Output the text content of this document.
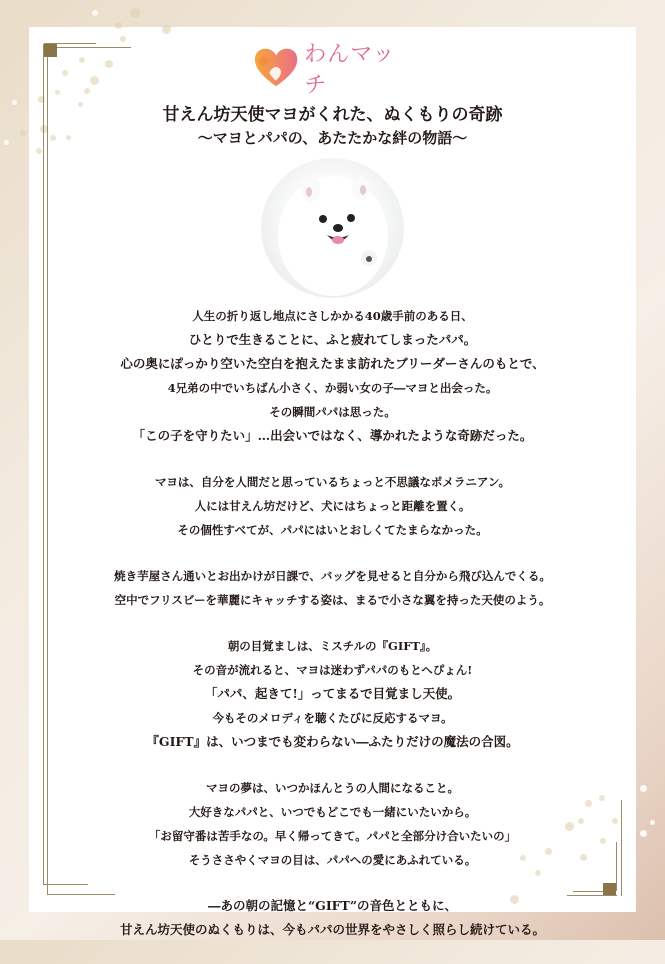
わんマッチ
甘えん坊天使マヨがくれた、ぬくもりの奇跡
〜マヨとパパの、あたたかな絆の物語〜
人生の折り返し地点にさしかかる40歳手前のある日、
ひとりで生きることに、ふと疲れてしまったパパ。
心の奥にぽっかり空いた空白を抱えたまま訪れたブリーダーさんのもとで、
4兄弟の中でいちばん小さく、か弱い女の子―マヨと出会った。
その瞬間パパは思った。
「この子を守りたい」…出会いではなく、導かれたような奇跡だった。
マヨは、自分を人間だと思っているちょっと不思議なポメラニアン。
人には甘えん坊だけど、犬にはちょっと距離を置く。
その個性すべてが、パパにはいとおしくてたまらなかった。
焼き芋屋さん通いとお出かけが日課で、バッグを見せると自分から飛び込んでくる。
空中でフリスビーを華麗にキャッチする姿は、まるで小さな翼を持った天使のよう。
朝の目覚ましは、ミスチルの『GIFT』。
その音が流れると、マヨは迷わずパパのもとへぴょん!
「パパ、起きて!」ってまるで目覚まし天使。
今もそのメロディを聴くたびに反応するマヨ。
『GIFT』は、いつまでも変わらない―ふたりだけの魔法の合図。
マヨの夢は、いつかほんとうの人間になること。
大好きなパパと、いつでもどこでも一緒にいたいから。
「お留守番は苦手なの。早く帰ってきて。パパと全部分け合いたいの」
そうささやくマヨの目は、パパへの愛にあふれている。
―あの朝の記憶と“GIFT”の音色とともに、
甘えん坊天使のぬくもりは、今もパパの世界をやさしく照らし続けている。
